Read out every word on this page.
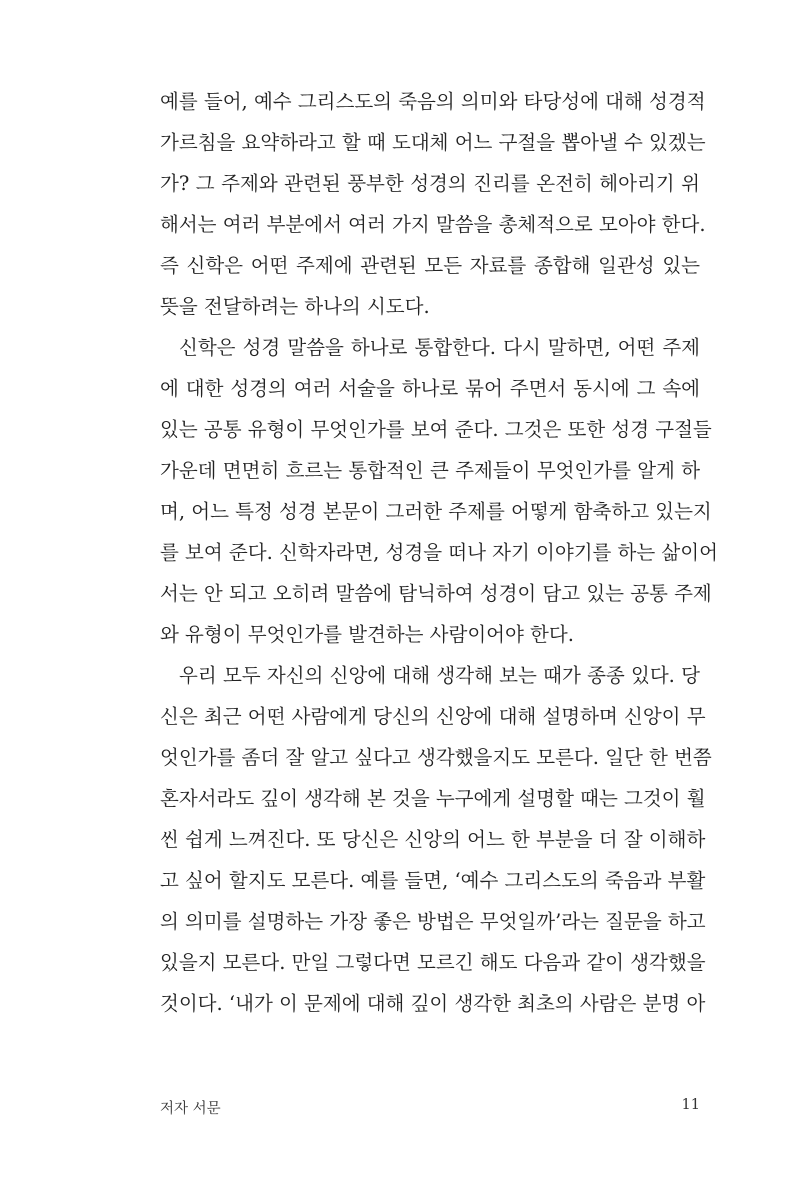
예를 들어, 예수 그리스도의 죽음의 의미와 타당성에 대해 성경적
가르침을 요약하라고 할 때 도대체 어느 구절을 뽑아낼 수 있겠는
가? 그 주제와 관련된 풍부한 성경의 진리를 온전히 헤아리기 위
해서는 여러 부분에서 여러 가지 말씀을 총체적으로 모아야 한다.
즉 신학은 어떤 주제에 관련된 모든 자료를 종합해 일관성 있는
뜻을 전달하려는 하나의 시도다.
신학은 성경 말씀을 하나로 통합한다. 다시 말하면, 어떤 주제
에 대한 성경의 여러 서술을 하나로 묶어 주면서 동시에 그 속에
있는 공통 유형이 무엇인가를 보여 준다. 그것은 또한 성경 구절들
가운데 면면히 흐르는 통합적인 큰 주제들이 무엇인가를 알게 하
며, 어느 특정 성경 본문이 그러한 주제를 어떻게 함축하고 있는지
를 보여 준다. 신학자라면, 성경을 떠나 자기 이야기를 하는 삶이어
서는 안 되고 오히려 말씀에 탐닉하여 성경이 담고 있는 공통 주제
와 유형이 무엇인가를 발견하는 사람이어야 한다.
우리 모두 자신의 신앙에 대해 생각해 보는 때가 종종 있다. 당
신은 최근 어떤 사람에게 당신의 신앙에 대해 설명하며 신앙이 무
엇인가를 좀더 잘 알고 싶다고 생각했을지도 모른다. 일단 한 번쯤
혼자서라도 깊이 생각해 본 것을 누구에게 설명할 때는 그것이 훨
씬 쉽게 느껴진다. 또 당신은 신앙의 어느 한 부분을 더 잘 이해하
고 싶어 할지도 모른다. 예를 들면, ‘예수 그리스도의 죽음과 부활
의 의미를 설명하는 가장 좋은 방법은 무엇일까’라는 질문을 하고
있을지 모른다. 만일 그렇다면 모르긴 해도 다음과 같이 생각했을
것이다. ‘내가 이 문제에 대해 깊이 생각한 최초의 사람은 분명 아
저자 서문	11
